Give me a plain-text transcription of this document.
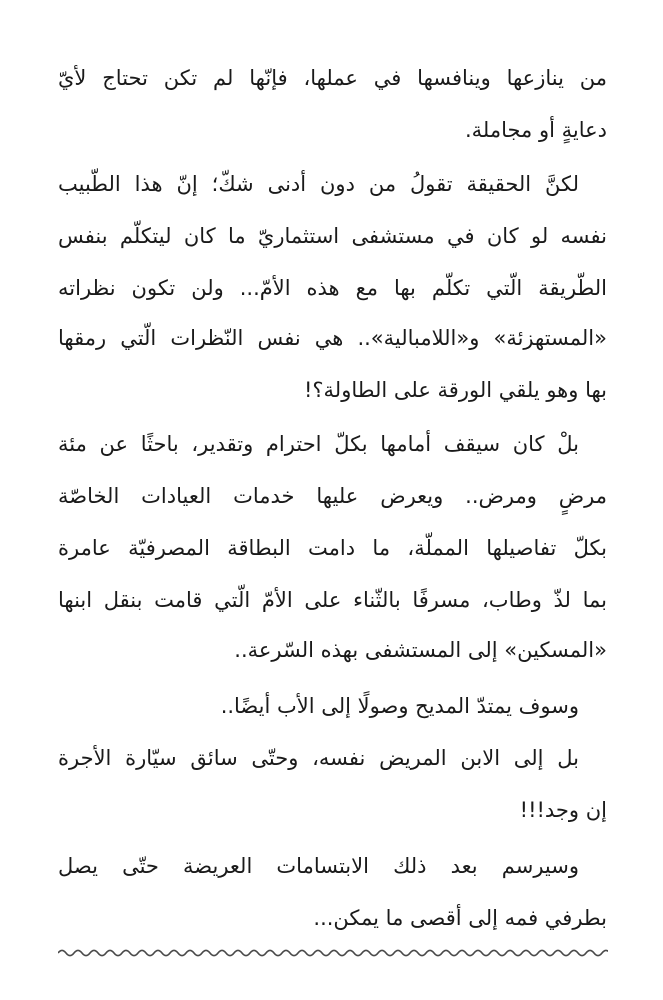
من ينازعها وينافسها في عملها، فإنّها لم تكن تحتاج لأيّ
دعايةٍ أو مجاملة.
لكنَّ الحقيقة تقولُ من دون أدنى شكّ؛ إنّ هذا الطّبيب
نفسه لو كان في مستشفى استثماريّ ما كان ليتكلّم بنفس
الطّريقة الّتي تكلّم بها مع هذه الأمّ... ولن تكون نظراته
«المستهزئة» و«اللامبالية».. هي نفس النّظرات الّتي رمقها
بها وهو يلقي الورقة على الطاولة؟!
بلْ كان سيقف أمامها بكلّ احترام وتقدير، باحثًا عن مئة
مرضٍ ومرض.. ويعرض عليها خدمات العيادات الخاصّة
بكلّ تفاصيلها المملّة، ما دامت البطاقة المصرفيّة عامرة
بما لذّ وطاب، مسرفًا بالثّناء على الأمّ الّتي قامت بنقل ابنها
«المسكين» إلى المستشفى بهذه السّرعة..
وسوف يمتدّ المديح وصولًا إلى الأب أيضًا..
بل إلى الابن المريض نفسه، وحتّى سائق سيّارة الأجرة
إن وجد!!!
وسيرسم بعد ذلك الابتسامات العريضة حتّى يصل
بطرفي فمه إلى أقصى ما يمكن...
